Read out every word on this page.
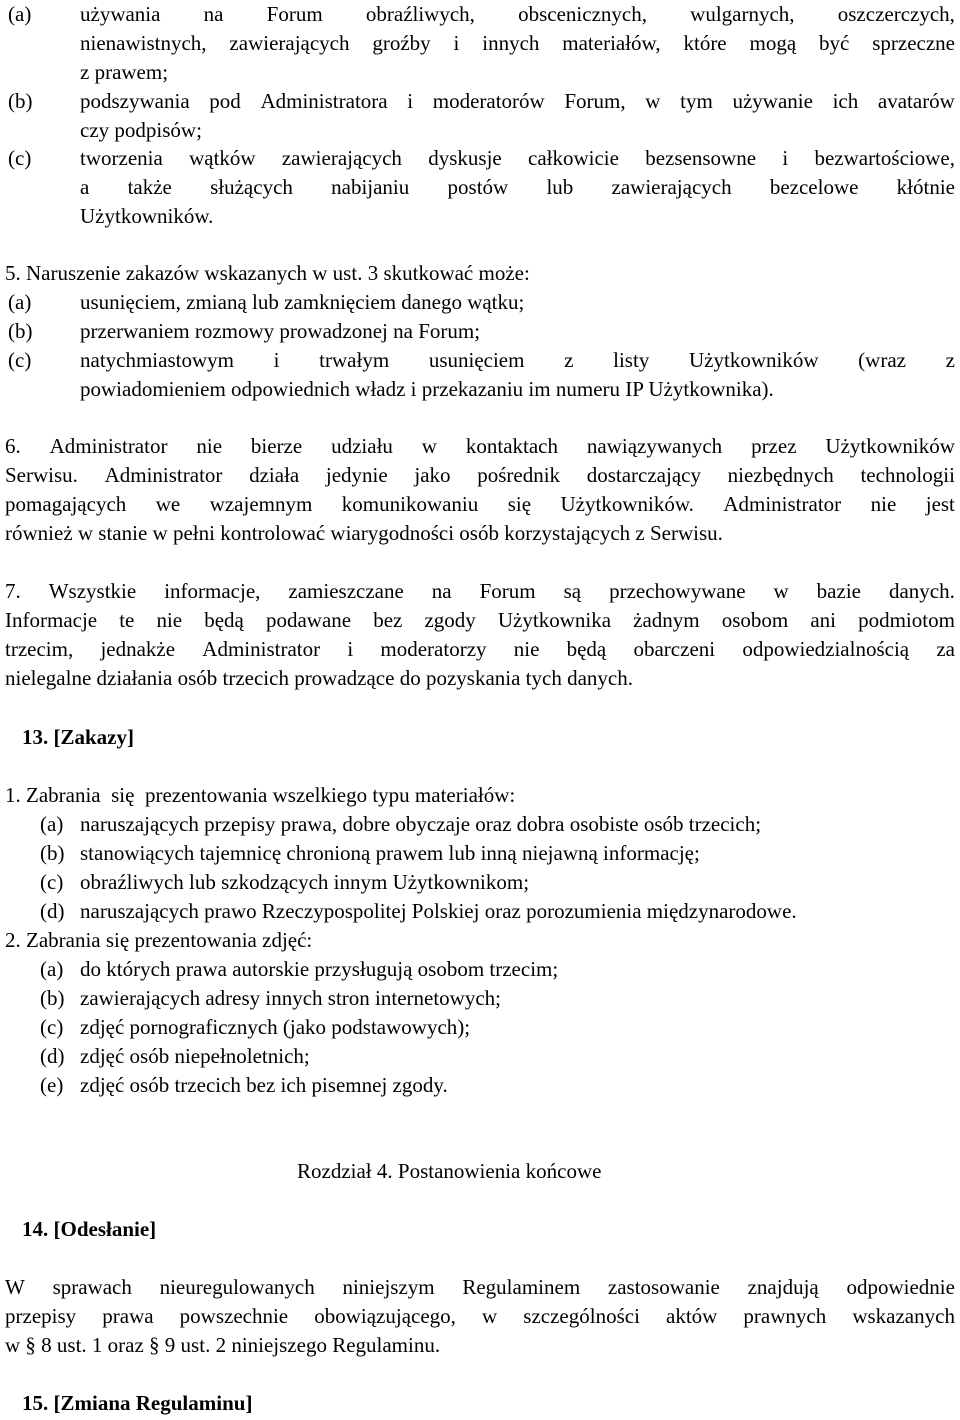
(a) używania na Forum obraźliwych, obscenicznych, wulgarnych, oszczerczych,
nienawistnych, zawierających groźby i innych materiałów, które mogą być sprzeczne
z prawem;
(b) podszywania pod Administratora i moderatorów Forum, w tym używanie ich avatarów
czy podpisów;
(c) tworzenia wątków zawierających dyskusje całkowicie bezsensowne i bezwartościowe,
a także służących nabijaniu postów lub zawierających bezcelowe kłótnie
Użytkowników.
5. Naruszenie zakazów wskazanych w ust. 3 skutkować może:
(a) usunięciem, zmianą lub zamknięciem danego wątku;
(b) przerwaniem rozmowy prowadzonej na Forum;
(c) natychmiastowym i trwałym usunięciem z listy Użytkowników (wraz z
powiadomieniem odpowiednich władz i przekazaniu im numeru IP Użytkownika).
6. Administrator nie bierze udziału w kontaktach nawiązywanych przez Użytkowników
Serwisu. Administrator działa jedynie jako pośrednik dostarczający niezbędnych technologii
pomagających we wzajemnym komunikowaniu się Użytkowników. Administrator nie jest
również w stanie w pełni kontrolować wiarygodności osób korzystających z Serwisu.
7. Wszystkie informacje, zamieszczane na Forum są przechowywane w bazie danych.
Informacje te nie będą podawane bez zgody Użytkownika żadnym osobom ani podmiotom
trzecim, jednakże Administrator i moderatorzy nie będą obarczeni odpowiedzialnością za
nielegalne działania osób trzecich prowadzące do pozyskania tych danych.
13. [Zakazy]
1. Zabrania  się  prezentowania wszelkiego typu materiałów:
(a) naruszających przepisy prawa, dobre obyczaje oraz dobra osobiste osób trzecich;
(b) stanowiących tajemnicę chronioną prawem lub inną niejawną informację;
(c) obraźliwych lub szkodzących innym Użytkownikom;
(d) naruszających prawo Rzeczypospolitej Polskiej oraz porozumienia międzynarodowe.
2. Zabrania się prezentowania zdjęć:
(a) do których prawa autorskie przysługują osobom trzecim;
(b) zawierających adresy innych stron internetowych;
(c) zdjęć pornograficznych (jako podstawowych);
(d) zdjęć osób niepełnoletnich;
(e) zdjęć osób trzecich bez ich pisemnej zgody.
Rozdział 4. Postanowienia końcowe
14. [Odesłanie]
W sprawach nieuregulowanych niniejszym Regulaminem zastosowanie znajdują odpowiednie
przepisy prawa powszechnie obowiązującego, w szczególności aktów prawnych wskazanych
w § 8 ust. 1 oraz § 9 ust. 2 niniejszego Regulaminu.
15. [Zmiana Regulaminu]
